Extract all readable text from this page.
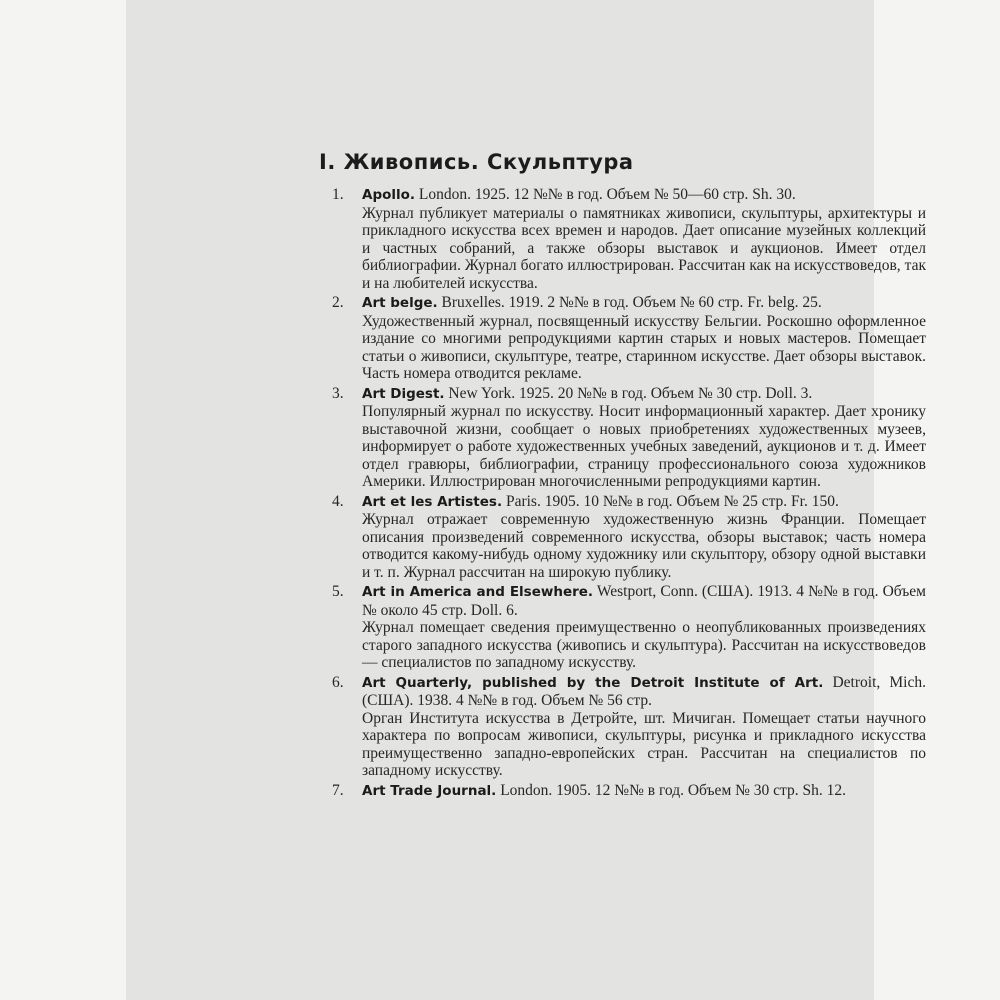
I. Живопись. Скульптура
1.	Apollo. London. 1925. 12 №№ в год. Объем № 50—60 стр. Sh. 30.
Журнал публикует материалы о памятниках живописи, скульптуры, архитектуры и прикладного искусства всех времен и народов. Дает описание музейных коллекций и частных собраний, а также обзоры выставок и аукционов. Имеет отдел библиографии. Журнал богато иллюстрирован. Рассчитан как на искусствоведов, так и на любителей искусства.
2.	Art belge. Bruxelles. 1919. 2 №№ в год. Объем № 60 стр. Fr. belg. 25.
Художественный журнал, посвященный искусству Бельгии. Роскошно оформленное издание со многими репродукциями картин старых и новых мастеров. Помещает статьи о живописи, скульптуре, театре, старинном искусстве. Дает обзоры выставок. Часть номера отводится рекламе.
3.	Art Digest. New York. 1925. 20 №№ в год. Объем № 30 стр. Doll. 3.
Популярный журнал по искусству. Носит информационный характер. Дает хронику выставочной жизни, сообщает о новых приобретениях художественных музеев, информирует о работе художественных учебных заведений, аукционов и т. д. Имеет отдел гравюры, библиографии, страницу профессионального союза художников Америки. Иллюстрирован многочисленными репродукциями картин.
4.	Art et les Artistes. Paris. 1905. 10 №№ в год. Объем № 25 стр. Fr. 150.
Журнал отражает современную художественную жизнь Франции. Помещает описания произведений современного искусства, обзоры выставок; часть номера отводится какому-нибудь одному художнику или скульптору, обзору одной выставки и т. п. Журнал рассчитан на широкую публику.
5.	Art in America and Elsewhere. Westport, Conn. (США). 1913. 4 №№ в год. Объем № около 45 стр. Doll. 6.
Журнал помещает сведения преимущественно о неопубликованных произведениях старого западного искусства (живопись и скульптура). Рассчитан на искусствоведов — специалистов по западному искусству.
6.	Art Quarterly, published by the Detroit Institute of Art. Detroit, Mich. (США). 1938. 4 №№ в год. Объем № 56 стр.
Орган Института искусства в Детройте, шт. Мичиган. Помещает статьи научного характера по вопросам живописи, скульптуры, рисунка и прикладного искусства преимущественно западно-европейских стран. Рассчитан на специалистов по западному искусству.
7.	Art Trade Journal. London. 1905. 12 №№ в год. Объем № 30 стр. Sh. 12.
